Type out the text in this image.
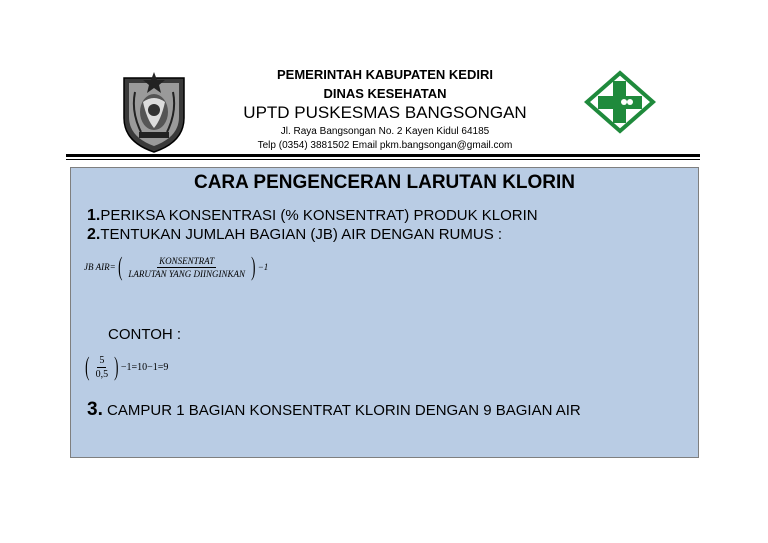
PEMERINTAH KABUPATEN KEDIRI
DINAS KESEHATAN
UPTD PUSKESMAS BANGSONGAN
Jl. Raya Bangsongan No. 2 Kayen Kidul 64185
Telp (0354) 3881502 Email pkm.bangsongan@gmail.com
CARA PENGENCERAN LARUTAN KLORIN
1.PERIKSA KONSENTRASI (% KONSENTRAT) PRODUK KLORIN
2.TENTUKAN JUMLAH BAGIAN (JB) AIR DENGAN RUMUS :
JB AIR= ( $\frac{\text{KONSENTRAT}}{\text{LARUTAN YANG DIINGINKAN}}$ ) −1
CONTOH :
( $\frac{5}{0,5}$ ) −1=10−1=9
3. CAMPUR 1 BAGIAN KONSENTRAT KLORIN DENGAN 9 BAGIAN AIR
